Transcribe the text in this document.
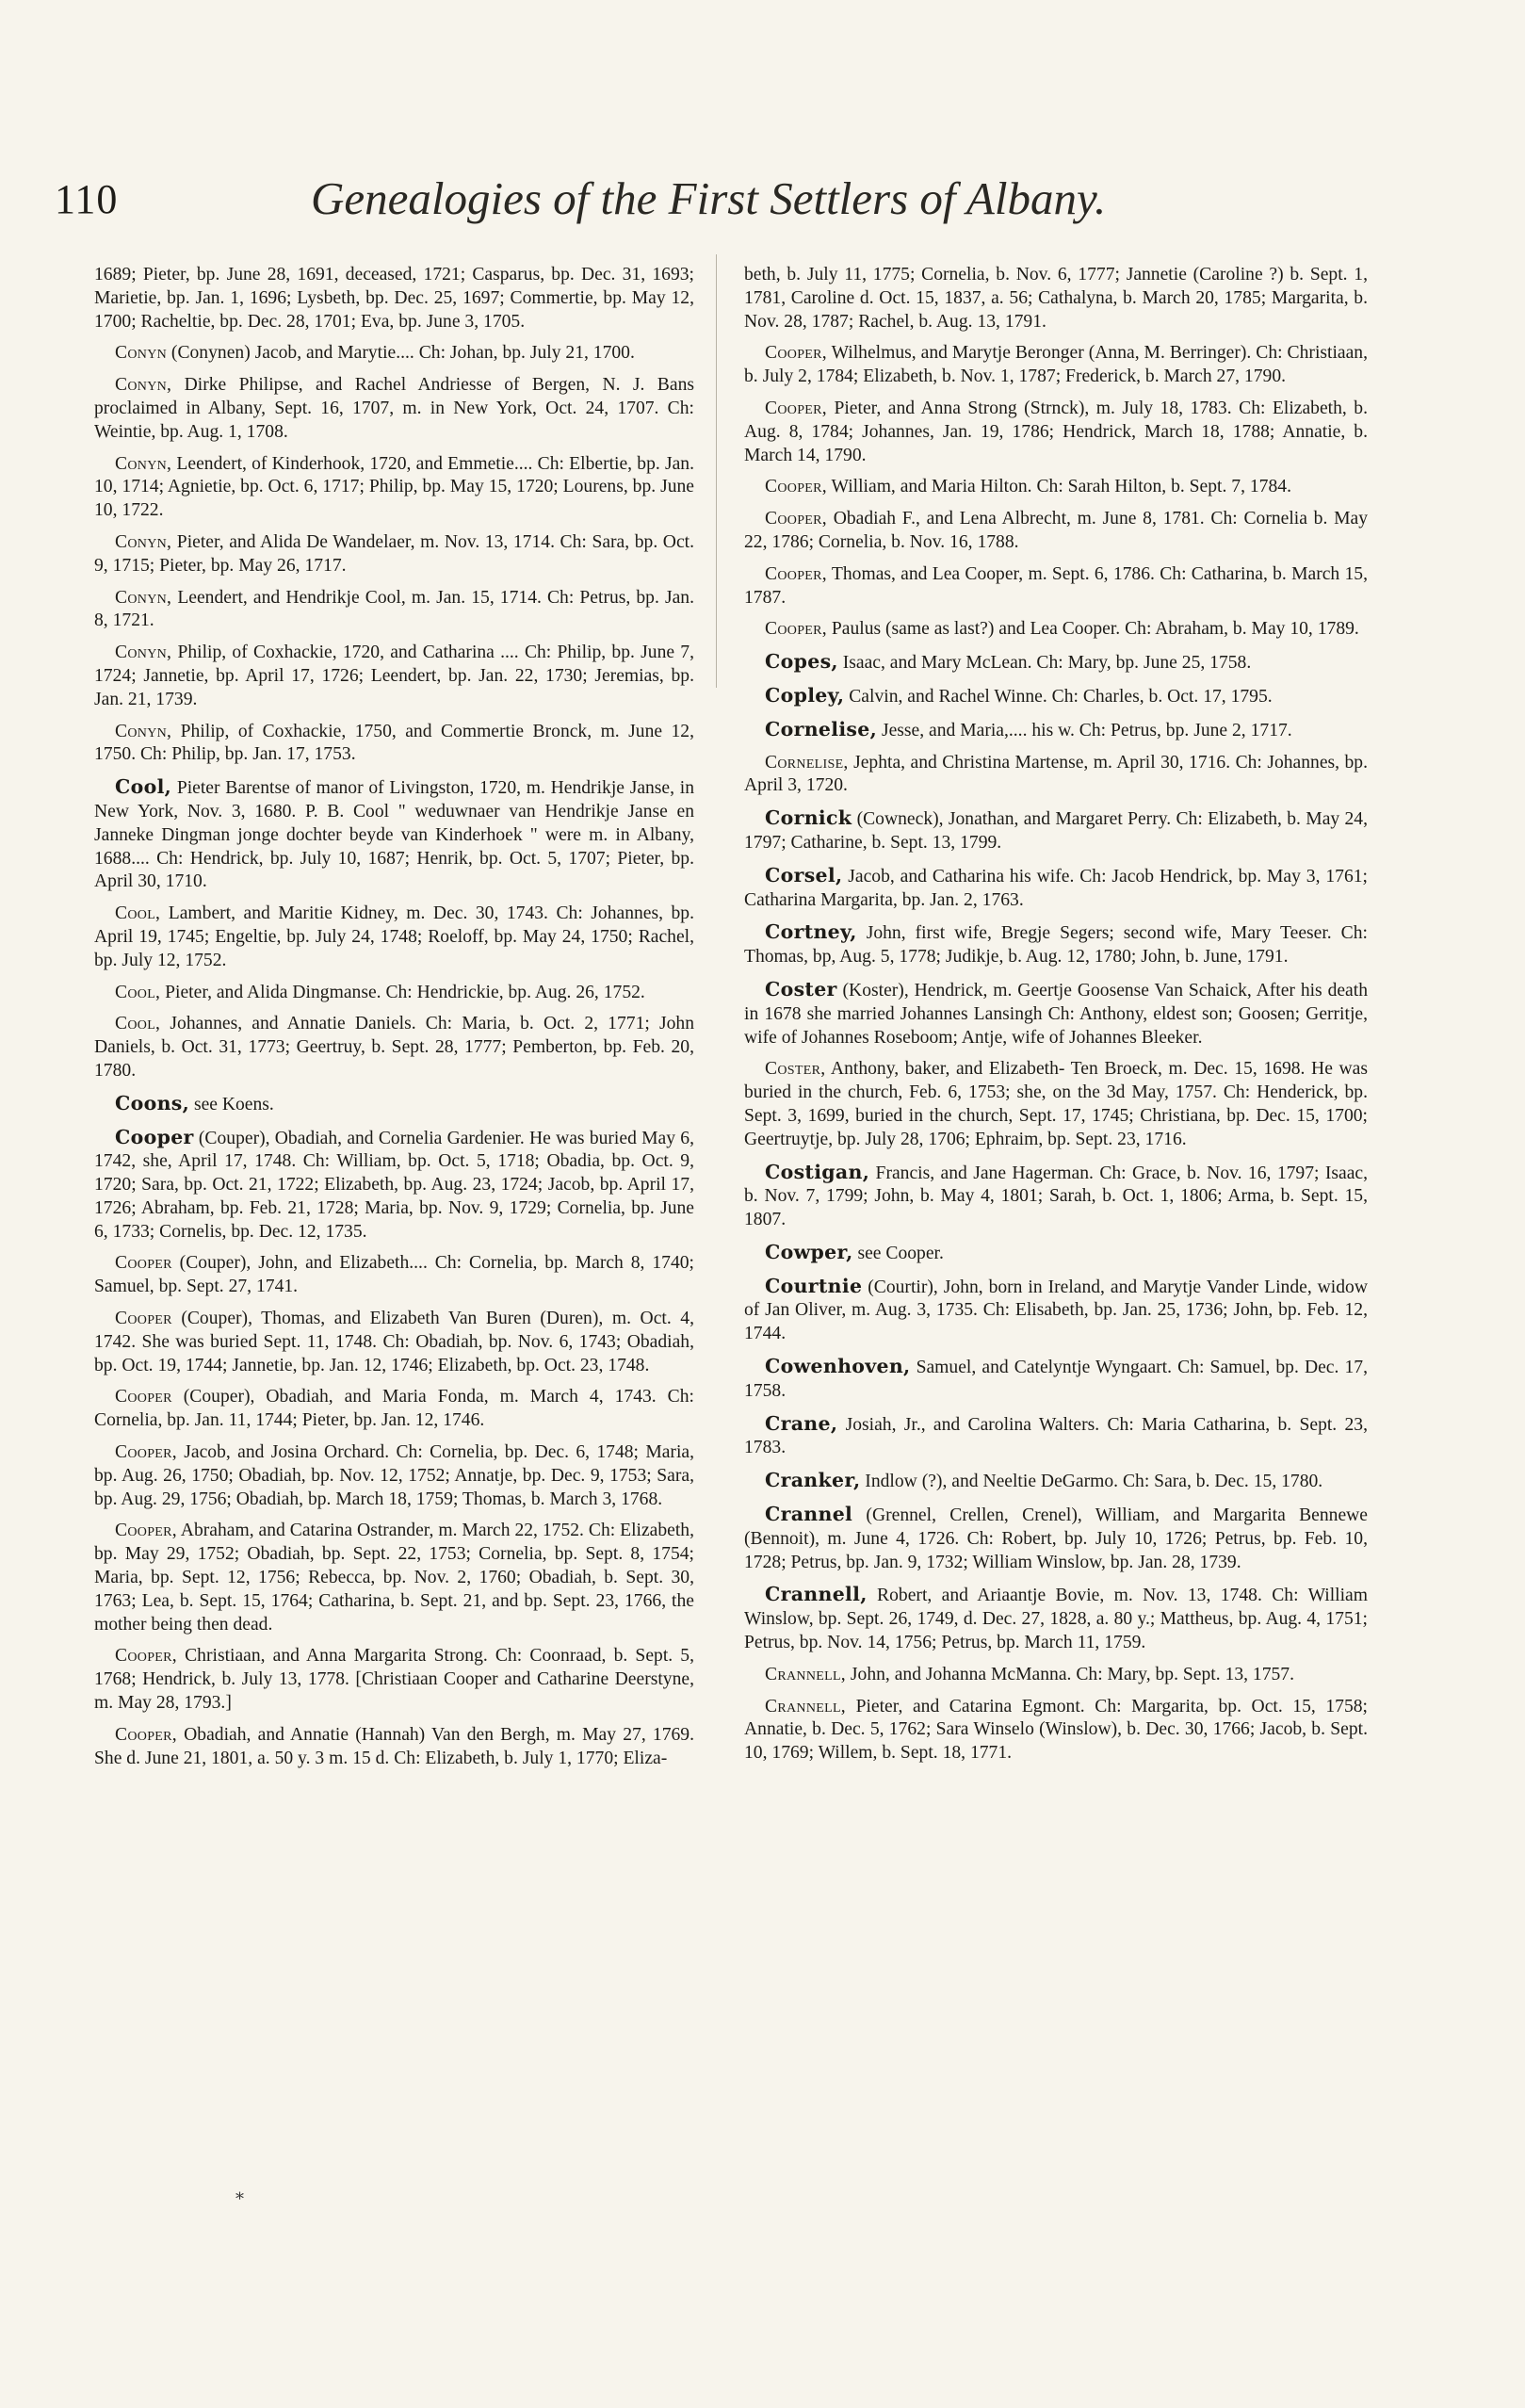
110	Genealogies of the First Settlers of Albany.

1689; Pieter, bp. June 28, 1691, deceased, 1721; Casparus, bp. Dec. 31, 1693; Marietie, bp. Jan. 1, 1696; Lysbeth, bp. Dec. 25, 1697; Commertie, bp. May 12, 1700; Racheltie, bp. Dec. 28, 1701; Eva, bp. June 3, 1705.

Conyn (Conynen) Jacob, and Marytie.... Ch: Johan, bp. July 21, 1700.

Conyn, Dirke Philipse, and Rachel Andriesse of Bergen, N. J. Bans proclaimed in Albany, Sept. 16, 1707, m. in New York, Oct. 24, 1707. Ch: Weintie, bp. Aug. 1, 1708.

Conyn, Leendert, of Kinderhook, 1720, and Emmetie.... Ch: Elbertie, bp. Jan. 10, 1714; Agnietie, bp. Oct. 6, 1717; Philip, bp. May 15, 1720; Lourens, bp. June 10, 1722.

Conyn, Pieter, and Alida De Wandelaer, m. Nov. 13, 1714. Ch: Sara, bp. Oct. 9, 1715; Pieter, bp. May 26, 1717.

Conyn, Leendert, and Hendrikje Cool, m. Jan. 15, 1714. Ch: Petrus, bp. Jan. 8, 1721.

Conyn, Philip, of Coxhackie, 1720, and Catharina .... Ch: Philip, bp. June 7, 1724; Jannetie, bp. April 17, 1726; Leendert, bp. Jan. 22, 1730; Jeremias, bp. Jan. 21, 1739.

Conyn, Philip, of Coxhackie, 1750, and Commertie Bronck, m. June 12, 1750. Ch: Philip, bp. Jan. 17, 1753.

Cool, Pieter Barentse of manor of Livingston, 1720, m. Hendrikje Janse, in New York, Nov. 3, 1680. P. B. Cool " weduwnaer van Hendrikje Janse en Janneke Dingman jonge dochter beyde van Kinderhoek " were m. in Albany, 1688.... Ch: Hendrick, bp. July 10, 1687; Henrik, bp. Oct. 5, 1707; Pieter, bp. April 30, 1710.

Cool, Lambert, and Maritie Kidney, m. Dec. 30, 1743. Ch: Johannes, bp. April 19, 1745; Engeltie, bp. July 24, 1748; Roeloff, bp. May 24, 1750; Rachel, bp. July 12, 1752.

Cool, Pieter, and Alida Dingmanse. Ch: Hendrickie, bp. Aug. 26, 1752.

Cool, Johannes, and Annatie Daniels. Ch: Maria, b. Oct. 2, 1771; John Daniels, b. Oct. 31, 1773; Geertruy, b. Sept. 28, 1777; Pemberton, bp. Feb. 20, 1780.

Coons, see Koens.

Cooper (Couper), Obadiah, and Cornelia Gardenier. He was buried May 6, 1742, she, April 17, 1748. Ch: William, bp. Oct. 5, 1718; Obadia, bp. Oct. 9, 1720; Sara, bp. Oct. 21, 1722; Elizabeth, bp. Aug. 23, 1724; Jacob, bp. April 17, 1726; Abraham, bp. Feb. 21, 1728; Maria, bp. Nov. 9, 1729; Cornelia, bp. June 6, 1733; Cornelis, bp. Dec. 12, 1735.

Cooper (Couper), John, and Elizabeth.... Ch: Cornelia, bp. March 8, 1740; Samuel, bp. Sept. 27, 1741.

Cooper (Couper), Thomas, and Elizabeth Van Buren (Duren), m. Oct. 4, 1742. She was buried Sept. 11, 1748. Ch: Obadiah, bp. Nov. 6, 1743; Obadiah, bp. Oct. 19, 1744; Jannetie, bp. Jan. 12, 1746; Elizabeth, bp. Oct. 23, 1748.

Cooper (Couper), Obadiah, and Maria Fonda, m. March 4, 1743. Ch: Cornelia, bp. Jan. 11, 1744; Pieter, bp. Jan. 12, 1746.

Cooper, Jacob, and Josina Orchard. Ch: Cornelia, bp. Dec. 6, 1748; Maria, bp. Aug. 26, 1750; Obadiah, bp. Nov. 12, 1752; Annatje, bp. Dec. 9, 1753; Sara, bp. Aug. 29, 1756; Obadiah, bp. March 18, 1759; Thomas, b. March 3, 1768.

Cooper, Abraham, and Catarina Ostrander, m. March 22, 1752. Ch: Elizabeth, bp. May 29, 1752; Obadiah, bp. Sept. 22, 1753; Cornelia, bp. Sept. 8, 1754; Maria, bp. Sept. 12, 1756; Rebecca, bp. Nov. 2, 1760; Obadiah, b. Sept. 30, 1763; Lea, b. Sept. 15, 1764; Catharina, b. Sept. 21, and bp. Sept. 23, 1766, the mother being then dead.

Cooper, Christiaan, and Anna Margarita Strong. Ch: Coonraad, b. Sept. 5, 1768; Hendrick, b. July 13, 1778. [Christiaan Cooper and Catharine Deerstyne, m. May 28, 1793.]

Cooper, Obadiah, and Annatie (Hannah) Van den Bergh, m. May 27, 1769. She d. June 21, 1801, a. 50 y. 3 m. 15 d. Ch: Elizabeth, b. July 1, 1770; Eliza-

beth, b. July 11, 1775; Cornelia, b. Nov. 6, 1777; Jannetie (Caroline ?) b. Sept. 1, 1781, Caroline d. Oct. 15, 1837, a. 56; Cathalyna, b. March 20, 1785; Margarita, b. Nov. 28, 1787; Rachel, b. Aug. 13, 1791.

Cooper, Wilhelmus, and Marytje Beronger (Anna, M. Berringer). Ch: Christiaan, b. July 2, 1784; Elizabeth, b. Nov. 1, 1787; Frederick, b. March 27, 1790.

Cooper, Pieter, and Anna Strong (Strnck), m. July 18, 1783. Ch: Elizabeth, b. Aug. 8, 1784; Johannes, Jan. 19, 1786; Hendrick, March 18, 1788; Annatie, b. March 14, 1790.

Cooper, William, and Maria Hilton. Ch: Sarah Hilton, b. Sept. 7, 1784.

Cooper, Obadiah F., and Lena Albrecht, m. June 8, 1781. Ch: Cornelia b. May 22, 1786; Cornelia, b. Nov. 16, 1788.

Cooper, Thomas, and Lea Cooper, m. Sept. 6, 1786. Ch: Catharina, b. March 15, 1787.

Cooper, Paulus (same as last?) and Lea Cooper. Ch: Abraham, b. May 10, 1789.

Copes, Isaac, and Mary McLean. Ch: Mary, bp. June 25, 1758.

Copley, Calvin, and Rachel Winne. Ch: Charles, b. Oct. 17, 1795.

Cornelise, Jesse, and Maria,.... his w. Ch: Petrus, bp. June 2, 1717.

Cornelise, Jephta, and Christina Martense, m. April 30, 1716. Ch: Johannes, bp. April 3, 1720.

Cornick (Cowneck), Jonathan, and Margaret Perry. Ch: Elizabeth, b. May 24, 1797; Catharine, b. Sept. 13, 1799.

Corsel, Jacob, and Catharina his wife. Ch: Jacob Hendrick, bp. May 3, 1761; Catharina Margarita, bp. Jan. 2, 1763.

Cortney, John, first wife, Bregje Segers; second wife, Mary Teeser. Ch: Thomas, bp, Aug. 5, 1778; Judikje, b. Aug. 12, 1780; John, b. June, 1791.

Coster (Koster), Hendrick, m. Geertje Goosense Van Schaick, After his death in 1678 she married Johannes Lansingh Ch: Anthony, eldest son; Goosen; Gerritje, wife of Johannes Roseboom; Antje, wife of Johannes Bleeker.

Coster, Anthony, baker, and Elizabeth- Ten Broeck, m. Dec. 15, 1698. He was buried in the church, Feb. 6, 1753; she, on the 3d May, 1757. Ch: Henderick, bp. Sept. 3, 1699, buried in the church, Sept. 17, 1745; Christiana, bp. Dec. 15, 1700; Geertruytje, bp. July 28, 1706; Ephraim, bp. Sept. 23, 1716.

Costigan, Francis, and Jane Hagerman. Ch: Grace, b. Nov. 16, 1797; Isaac, b. Nov. 7, 1799; John, b. May 4, 1801; Sarah, b. Oct. 1, 1806; Arma, b. Sept. 15, 1807.

Cowper, see Cooper.

Courtnie (Courtir), John, born in Ireland, and Marytje Vander Linde, widow of Jan Oliver, m. Aug. 3, 1735. Ch: Elisabeth, bp. Jan. 25, 1736; John, bp. Feb. 12, 1744.

Cowenhoven, Samuel, and Catelyntje Wyngaart. Ch: Samuel, bp. Dec. 17, 1758.

Crane, Josiah, Jr., and Carolina Walters. Ch: Maria Catharina, b. Sept. 23, 1783.

Cranker, Indlow (?), and Neeltie DeGarmo. Ch: Sara, b. Dec. 15, 1780.

Crannel (Grennel, Crellen, Crenel), William, and Margarita Bennewe (Bennoit), m. June 4, 1726. Ch: Robert, bp. July 10, 1726; Petrus, bp. Feb. 10, 1728; Petrus, bp. Jan. 9, 1732; William Winslow, bp. Jan. 28, 1739.

Crannell, Robert, and Ariaantje Bovie, m. Nov. 13, 1748. Ch: William Winslow, bp. Sept. 26, 1749, d. Dec. 27, 1828, a. 80 y.; Mattheus, bp. Aug. 4, 1751; Petrus, bp. Nov. 14, 1756; Petrus, bp. March 11, 1759.

Crannell, John, and Johanna McManna. Ch: Mary, bp. Sept. 13, 1757.

Crannell, Pieter, and Catarina Egmont. Ch: Margarita, bp. Oct. 15, 1758; Annatie, b. Dec. 5, 1762; Sara Winselo (Winslow), b. Dec. 30, 1766; Jacob, b. Sept. 10, 1769; Willem, b. Sept. 18, 1771.

*
